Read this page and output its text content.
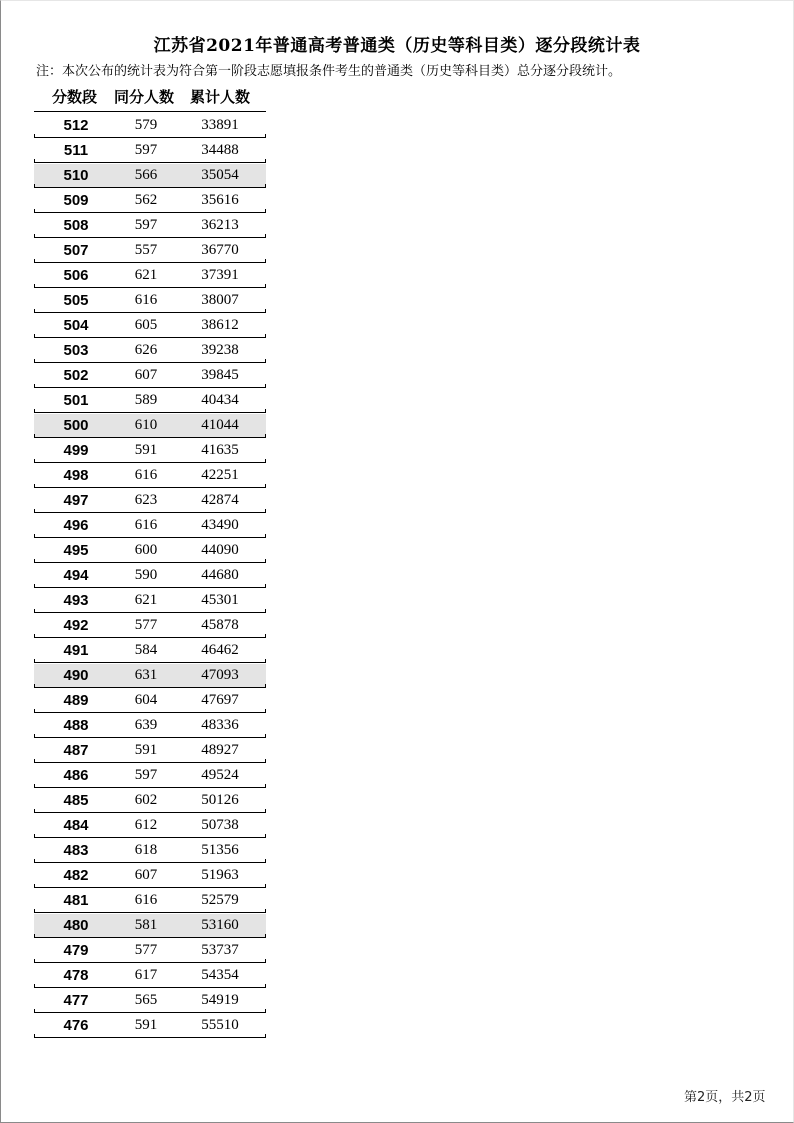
江苏省2021年普通高考普通类（历史等科目类）逐分段统计表
注：本次公布的统计表为符合第一阶段志愿填报条件考生的普通类（历史等科目类）总分逐分段统计。
分数段 同分人数 累计人数
512	579	33891
511	597	34488
510	566	35054
509	562	35616
508	597	36213
507	557	36770
506	621	37391
505	616	38007
504	605	38612
503	626	39238
502	607	39845
501	589	40434
500	610	41044
499	591	41635
498	616	42251
497	623	42874
496	616	43490
495	600	44090
494	590	44680
493	621	45301
492	577	45878
491	584	46462
490	631	47093
489	604	47697
488	639	48336
487	591	48927
486	597	49524
485	602	50126
484	612	50738
483	618	51356
482	607	51963
481	616	52579
480	581	53160
479	577	53737
478	617	54354
477	565	54919
476	591	55510
第2页，共2页
